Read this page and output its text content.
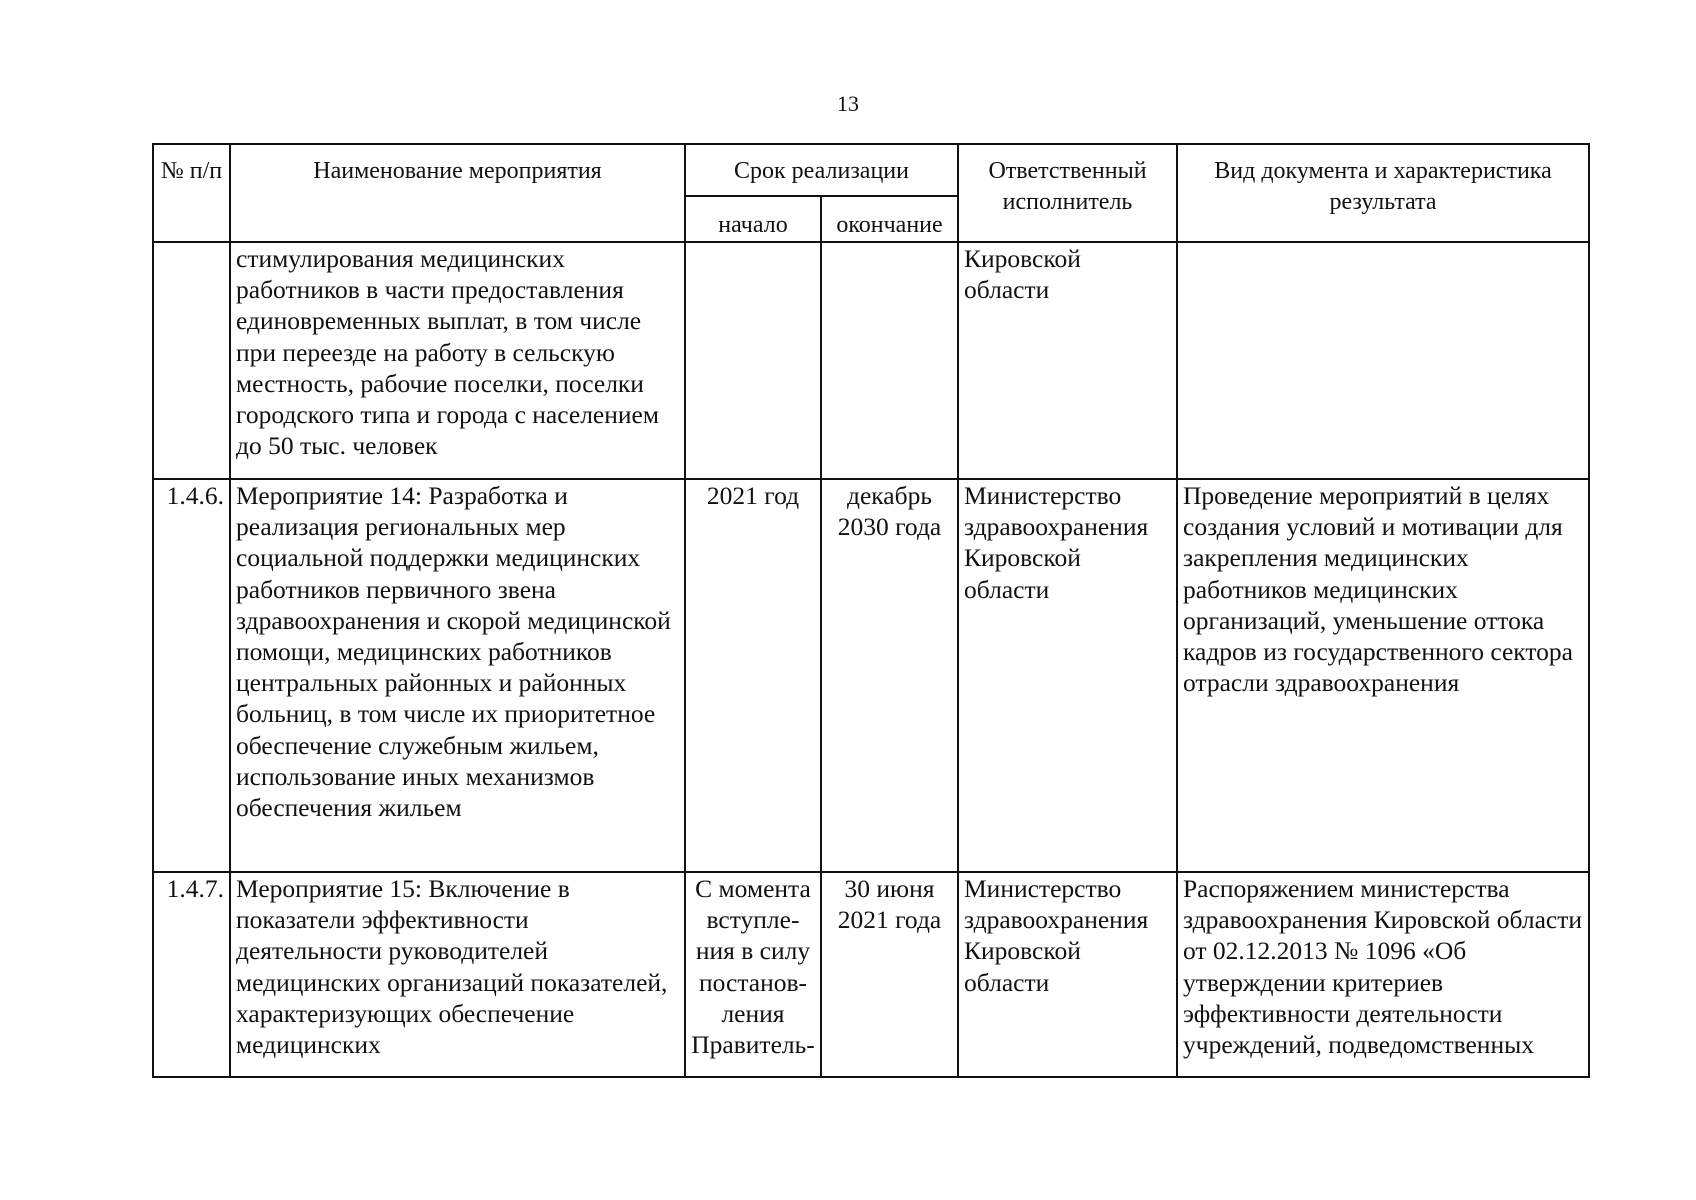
13
№ п/п	Наименование мероприятия	Срок реализации		Ответственный исполнитель	Вид документа и характеристика результата
		начало	окончание		
	стимулирования медицинских работников в части предоставления единовременных выплат, в том числе при переезде на работу в сельскую местность, рабочие поселки, поселки городского типа и города с населением до 50 тыс. человек			Кировской области	
1.4.6.	Мероприятие 14: Разработка и реализация региональных мер социальной поддержки медицинских работников первичного звена здравоохранения и скорой медицинской помощи, медицинских работников центральных районных и районных больниц, в том числе их приоритетное обеспечение служебным жильем, использование иных механизмов обеспечения жильем	2021 год	декабрь 2030 года	Министерство здравоохранения Кировской области	Проведение мероприятий в целях создания условий и мотивации для закрепления медицинских работников медицинских организаций, уменьшение оттока кадров из государственного сектора отрасли здравоохранения
1.4.7.	Мероприятие 15: Включение в показатели эффективности деятельности руководителей медицинских организаций показателей, характеризующих обеспечение медицинских	С момента вступле-ния в силу постанов-ления Правитель-	30 июня 2021 года	Министерство здравоохранения Кировской области	Распоряжением министерства здравоохранения Кировской области от 02.12.2013 № 1096 «Об утверждении критериев эффективности деятельности учреждений, подведомственных
